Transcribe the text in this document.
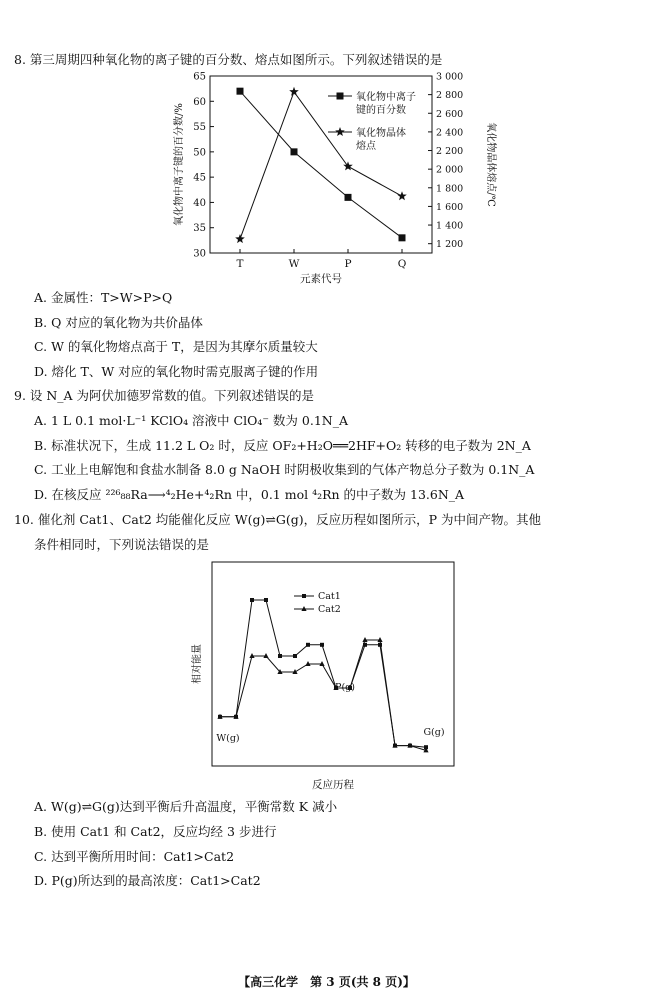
8. 第三周期四种氧化物的离子键的百分数、熔点如图所示。下列叙述错误的是
30
35
40
45
50
55
60
65
1 200
1 400
1 600
1 800
2 000
2 200
2 400
2 600
2 800
3 000
T	W	P	Q
元素代号
氧化物中离子键的百分数/%	氧化物晶体熔点/℃
氧化物中离子
键的百分数
氧化物晶体
熔点
A. 金属性：T>W>P>Q
B. Q 对应的氧化物为共价晶体
C. W 的氧化物熔点高于 T，是因为其摩尔质量较大
D. 熔化 T、W 对应的氧化物时需克服离子键的作用
9. 设 N_A 为阿伏加德罗常数的值。下列叙述错误的是
A. 1 L 0.1 mol·L⁻¹ KClO₄ 溶液中 ClO₄⁻ 数为 0.1N_A
B. 标准状况下，生成 11.2 L O₂ 时，反应 OF₂+H₂O══2HF+O₂ 转移的电子数为 2N_A
C. 工业上电解饱和食盐水制备 8.0 g NaOH 时阴极收集到的气体产物总分子数为 0.1N_A
D. 在核反应 ²²⁶₈₈Ra⟶⁴₂He+⁴₂Rn 中，0.1 mol ⁴₂Rn 的中子数为 13.6N_A
10. 催化剂 Cat1、Cat2 均能催化反应 W(g)⇌G(g)，反应历程如图所示，P 为中间产物。其他
条件相同时，下列说法错误的是
相对能量
反应历程
Cat1
Cat2
W(g)
P(g)
G(g)
A. W(g)⇌G(g)达到平衡后升高温度，平衡常数 K 减小
B. 使用 Cat1 和 Cat2，反应均经 3 步进行
C. 达到平衡所用时间：Cat1>Cat2
D. P(g)所达到的最高浓度：Cat1>Cat2
【高三化学　第 3 页(共 8 页)】
